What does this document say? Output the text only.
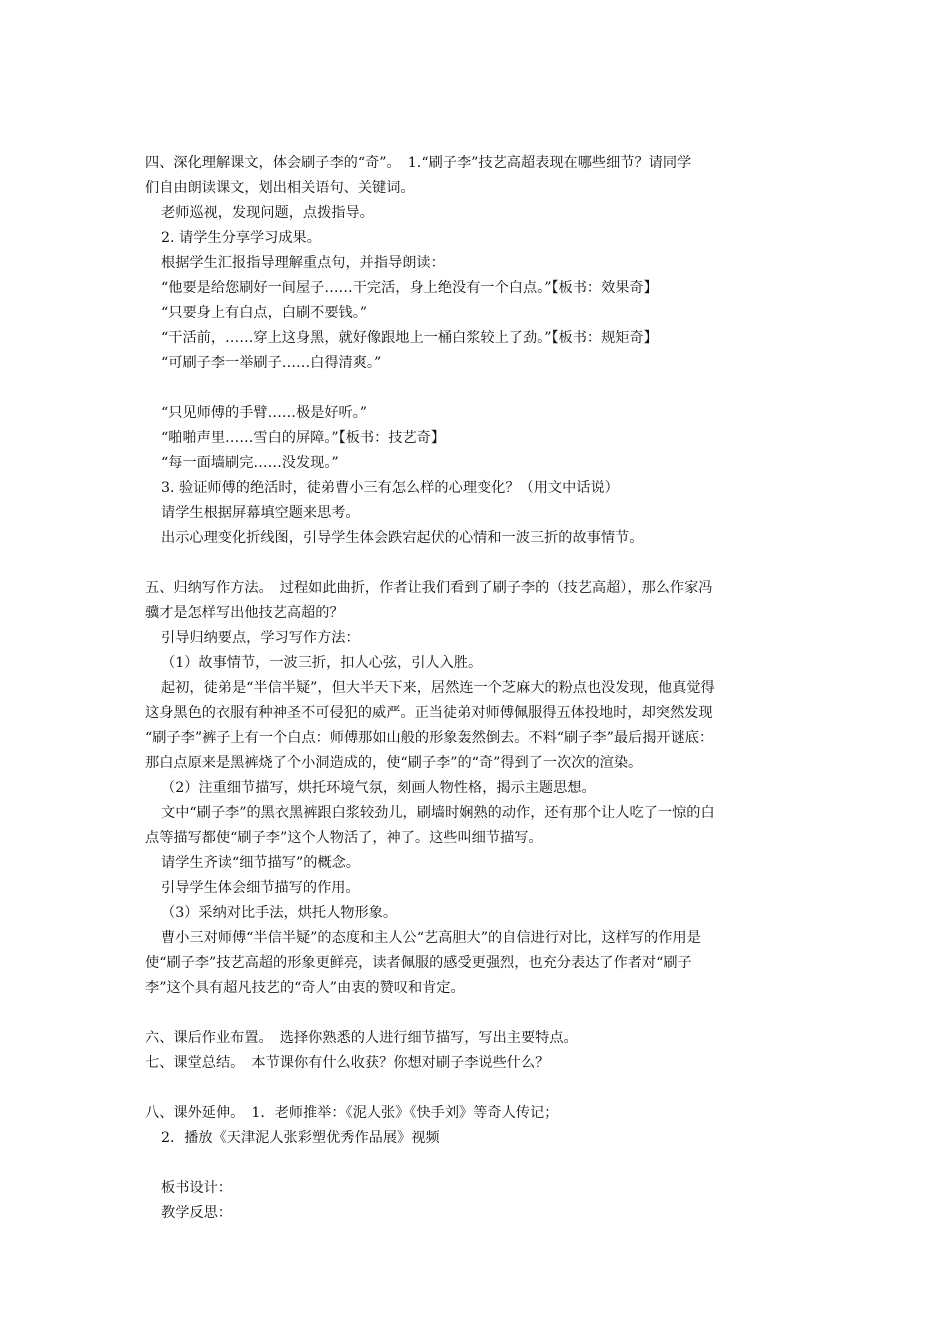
四、深化理解课文，体会刷子李的“奇”。　1.“刷子李”技艺高超表现在哪些细节？请同学
们自由朗读课文，划出相关语句、关键词。
老师巡视，发现问题，点拨指导。
2. 请学生分享学习成果。
根据学生汇报指导理解重点句，并指导朗读：
“他要是给您刷好一间屋子……干完活，身上绝没有一个白点。”【板书：效果奇】
“只要身上有白点，白刷不要钱。”
“干活前，……穿上这身黑，就好像跟地上一桶白浆较上了劲。”【板书：规矩奇】
“可刷子李一举刷子……白得清爽。”
“只见师傅的手臂……极是好听。”
“啪啪声里……雪白的屏障。”【板书：技艺奇】
“每一面墙刷完……没发现。”
3. 验证师傅的绝活时，徒弟曹小三有怎么样的心理变化？（用文中话说）
请学生根据屏幕填空题来思考。
出示心理变化折线图，引导学生体会跌宕起伏的心情和一波三折的故事情节。
五、归纳写作方法。　过程如此曲折，作者让我们看到了刷子李的（技艺高超），那么作家冯
骥才是怎样写出他技艺高超的？
引导归纳要点，学习写作方法：
（1）故事情节，一波三折，扣人心弦，引人入胜。
起初，徒弟是“半信半疑”，但大半天下来，居然连一个芝麻大的粉点也没发现，他真觉得
这身黑色的衣服有种神圣不可侵犯的威严。正当徒弟对师傅佩服得五体投地时，却突然发现
“刷子李”裤子上有一个白点：师傅那如山般的形象轰然倒去。不料“刷子李”最后揭开谜底：
那白点原来是黑裤烧了个小洞造成的，使“刷子李”的“奇”得到了一次次的渲染。
（2）注重细节描写，烘托环境气氛，刻画人物性格，揭示主题思想。
文中“刷子李”的黑衣黑裤跟白浆较劲儿，刷墙时娴熟的动作，还有那个让人吃了一惊的白
点等描写都使“刷子李”这个人物活了，神了。这些叫细节描写。
请学生齐读“细节描写”的概念。
引导学生体会细节描写的作用。
（3）采纳对比手法，烘托人物形象。
曹小三对师傅“半信半疑”的态度和主人公“艺高胆大”的自信进行对比，这样写的作用是
使“刷子李”技艺高超的形象更鲜亮，读者佩服的感受更强烈，也充分表达了作者对“刷子
李”这个具有超凡技艺的“奇人”由衷的赞叹和肯定。
六、课后作业布置。　选择你熟悉的人进行细节描写，写出主要特点。
七、课堂总结。　本节课你有什么收获？你想对刷子李说些什么？
八、课外延伸。　1．老师推举：《泥人张》《快手刘》等奇人传记；
2．播放《天津泥人张彩塑优秀作品展》视频
板书设计：
教学反思：
